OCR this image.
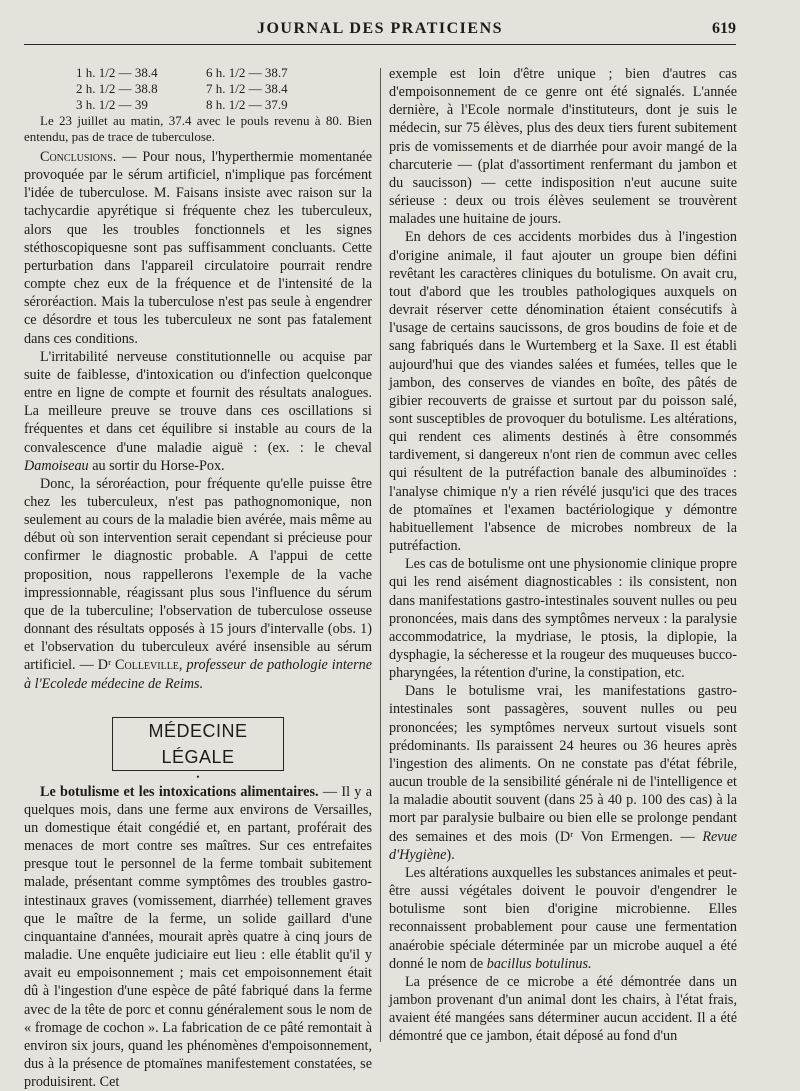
JOURNAL DES PRATICIENS	619
1 h. 1/2 — 38.4	6 h. 1/2 — 38.7
2 h. 1/2 — 38.8	7 h. 1/2 — 38.4
3 h. 1/2 — 39	8 h. 1/2 — 37.9

Le 23 juillet au matin, 37.4 avec le pouls revenu à 80. Bien entendu, pas de trace de tuberculose.

Conclusions. — Pour nous, l'hyperthermie momentanée provoquée par le sérum artificiel, n'implique pas forcément l'idée de tuberculose. M. Faisans insiste avec raison sur la tachycardie apyrétique si fréquente chez les tuberculeux, alors que les troubles fonctionnels et les signes stéthoscopiquesne sont pas suffisamment concluants. Cette perturbation dans l'appareil circulatoire pourrait rendre compte chez eux de la fréquence et de l'intensité de la séroréaction. Mais la tuberculose n'est pas seule à engendrer ce désordre et tous les tuberculeux ne sont pas fatalement dans ces conditions.

L'irritabilité nerveuse constitutionnelle ou acquise par suite de faiblesse, d'intoxication ou d'infection quelconque entre en ligne de compte et fournit des résultats analogues. La meilleure preuve se trouve dans ces oscillations si fréquentes et dans cet équilibre si instable au cours de la convalescence d'une maladie aiguë : (ex. : le cheval Damoiseau au sortir du Horse-Pox.

Donc, la séroréaction, pour fréquente qu'elle puisse être chez les tuberculeux, n'est pas pathognomonique, non seulement au cours de la maladie bien avérée, mais même au début où son intervention serait cependant si précieuse pour confirmer le diagnostic probable. A l'appui de cette proposition, nous rappellerons l'exemple de la vache impressionnable, réagissant plus sous l'influence du sérum que de la tuberculine; l'observation de tuberculose osseuse donnant des résultats opposés à 15 jours d'intervalle (obs. 1) et l'observation du tuberculeux avéré insensible au sérum artificiel. — Dʳ Colleville, professeur de pathologie interne à l'Ecolede médecine de Reims.

MÉDECINE LÉGALE
•

Le botulisme et les intoxications alimentaires. — Il y a quelques mois, dans une ferme aux environs de Versailles, un domestique était congédié et, en partant, proférait des menaces de mort contre ses maîtres. Sur ces entrefaites presque tout le personnel de la ferme tombait subitement malade, présentant comme symptômes des troubles gastro-intestinaux graves (vomissement, diarrhée) tellement graves que le maître de la ferme, un solide gaillard d'une cinquantaine d'années, mourait après quatre à cinq jours de maladie. Une enquête judiciaire eut lieu : elle établit qu'il y avait eu empoisonnement ; mais cet empoisonnement était dû à l'ingestion d'une espèce de pâté fabriqué dans la ferme avec de la tête de porc et connu généralement sous le nom de « fromage de cochon ». La fabrication de ce pâté remontait à environ six jours, quand les phénomènes d'empoisonnement, dus à la présence de ptomaïnes manifestement constatées, se produisirent. Cet

exemple est loin d'être unique ; bien d'autres cas d'empoisonnement de ce genre ont été signalés. L'année dernière, à l'Ecole normale d'instituteurs, dont je suis le médecin, sur 75 élèves, plus des deux tiers furent subitement pris de vomissements et de diarrhée pour avoir mangé de la charcuterie — (plat d'assortiment renfermant du jambon et du saucisson) — cette indisposition n'eut aucune suite sérieuse : deux ou trois élèves seulement se trouvèrent malades une huitaine de jours.

En dehors de ces accidents morbides dus à l'ingestion d'origine animale, il faut ajouter un groupe bien défini revêtant les caractères cliniques du botulisme. On avait cru, tout d'abord que les troubles pathologiques auxquels on devrait réserver cette dénomination étaient consécutifs à l'usage de certains saucissons, de gros boudins de foie et de sang fabriqués dans le Wurtemberg et la Saxe. Il est établi aujourd'hui que des viandes salées et fumées, telles que le jambon, des conserves de viandes en boîte, des pâtés de gibier recouverts de graisse et surtout par du poisson salé, sont susceptibles de provoquer du botulisme. Les altérations, qui rendent ces aliments destinés à être consommés tardivement, si dangereux n'ont rien de commun avec celles qui résultent de la putréfaction banale des albuminoïdes : l'analyse chimique n'y a rien révélé jusqu'ici que des traces de ptomaïnes et l'examen bactériologique y démontre habituellement l'absence de microbes nombreux de la putréfaction.

Les cas de botulisme ont une physionomie clinique propre qui les rend aisément diagnosticables : ils consistent, non dans manifestations gastro-intestinales souvent nulles ou peu prononcées, mais dans des symptômes nerveux : la paralysie accommodatrice, la mydriase, le ptosis, la diplopie, la dysphagie, la sécheresse et la rougeur des muqueuses bucco-pharyngées, la rétention d'urine, la constipation, etc.

Dans le botulisme vrai, les manifestations gastro-intestinales sont passagères, souvent nulles ou peu prononcées; les symptômes nerveux surtout visuels sont prédominants. Ils paraissent 24 heures ou 36 heures après l'ingestion des aliments. On ne constate pas d'état fébrile, aucun trouble de la sensibilité générale ni de l'intelligence et la maladie aboutit souvent (dans 25 à 40 p. 100 des cas) à la mort par paralysie bulbaire ou bien elle se prolonge pendant des semaines et des mois (Dʳ Von Ermengen. — Revue d'Hygiène).

Les altérations auxquelles les substances animales et peut-être aussi végétales doivent le pouvoir d'engendrer le botulisme sont bien d'origine microbienne. Elles reconnaissent probablement pour cause une fermentation anaérobie spéciale déterminée par un microbe auquel a été donné le nom de bacillus botulinus.

La présence de ce microbe a été démontrée dans un jambon provenant d'un animal dont les chairs, à l'état frais, avaient été mangées sans déterminer aucun accident. Il a été démontré que ce jambon, était déposé au fond d'un
